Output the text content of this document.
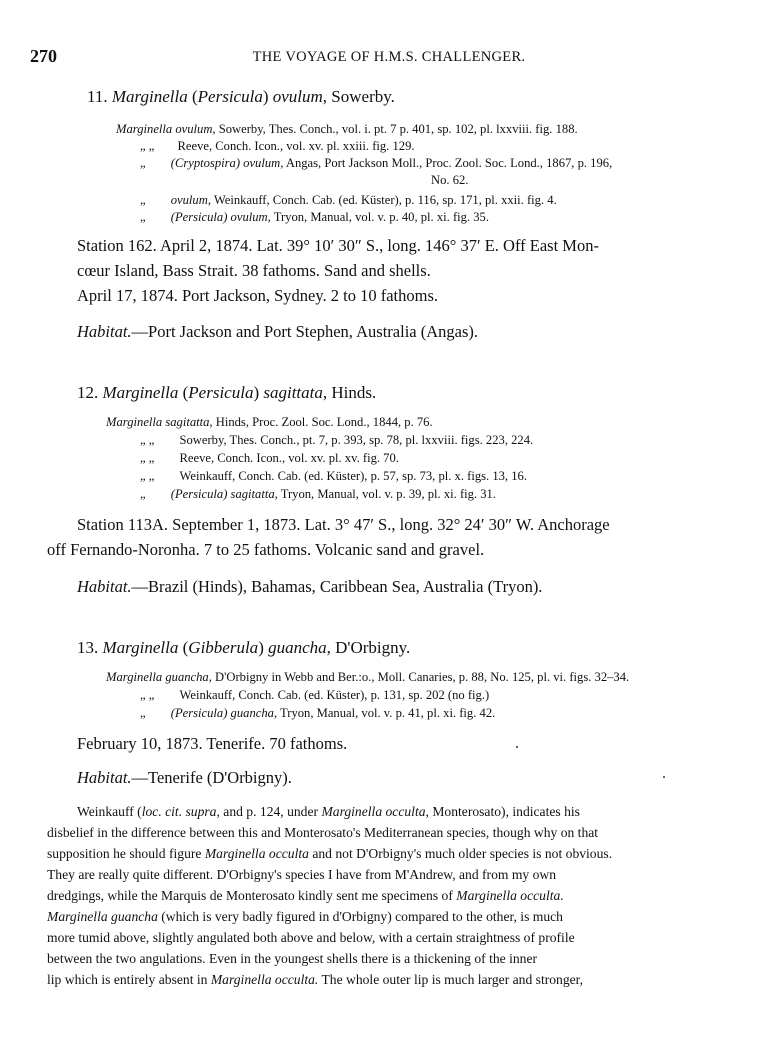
270	THE VOYAGE OF H.M.S. CHALLENGER.
11. Marginella (Persicula) ovulum, Sowerby.
Marginella ovulum, Sowerby, Thes. Conch., vol. i. pt. 7 p. 401, sp. 102, pl. lxxviii. fig. 188.
„ „ Reeve, Conch. Icon., vol. xv. pl. xxiii. fig. 129.
„ (Cryptospira) ovulum, Angas, Port Jackson Moll., Proc. Zool. Soc. Lond., 1867, p. 196,
No. 62.
„ ovulum, Weinkauff, Conch. Cab. (ed. Küster), p. 116, sp. 171, pl. xxii. fig. 4.
„ (Persicula) ovulum, Tryon, Manual, vol. v. p. 40, pl. xi. fig. 35.
Station 162. April 2, 1874. Lat. 39° 10′ 30″ S., long. 146° 37′ E. Off East Mon-
cœur Island, Bass Strait. 38 fathoms. Sand and shells.
April 17, 1874. Port Jackson, Sydney. 2 to 10 fathoms.
Habitat.—Port Jackson and Port Stephen, Australia (Angas).
12. Marginella (Persicula) sagittata, Hinds.
Marginella sagitatta, Hinds, Proc. Zool. Soc. Lond., 1844, p. 76.
„ „ Sowerby, Thes. Conch., pt. 7, p. 393, sp. 78, pl. lxxviii. figs. 223, 224.
„ „ Reeve, Conch. Icon., vol. xv. pl. xv. fig. 70.
„ „ Weinkauff, Conch. Cab. (ed. Küster), p. 57, sp. 73, pl. x. figs. 13, 16.
„ (Persicula) sagitatta, Tryon, Manual, vol. v. p. 39, pl. xi. fig. 31.
Station 113A. September 1, 1873. Lat. 3° 47′ S., long. 32° 24′ 30″ W. Anchorage
off Fernando-Noronha. 7 to 25 fathoms. Volcanic sand and gravel.
Habitat.—Brazil (Hinds), Bahamas, Caribbean Sea, Australia (Tryon).
13. Marginella (Gibberula) guancha, D'Orbigny.
Marginella guancha, D'Orbigny in Webb and Ber.:o., Moll. Canaries, p. 88, No. 125, pl. vi. figs. 32–34.
„ „ Weinkauff, Conch. Cab. (ed. Küster), p. 131, sp. 202 (no fig.)
„ (Persicula) guancha, Tryon, Manual, vol. v. p. 41, pl. xi. fig. 42.
February 10, 1873. Tenerife. 70 fathoms.
Habitat.—Tenerife (D'Orbigny).
Weinkauff (loc. cit. supra, and p. 124, under Marginella occulta, Monterosato), indicates his
disbelief in the difference between this and Monterosato's Mediterranean species, though why on that
supposition he should figure Marginella occulta and not D'Orbigny's much older species is not obvious.
They are really quite different. D'Orbigny's species I have from M'Andrew, and from my own
dredgings, while the Marquis de Monterosato kindly sent me specimens of Marginella occulta.
Marginella guancha (which is very badly figured in d'Orbigny) compared to the other, is much
more tumid above, slightly angulated both above and below, with a certain straightness of profile
between the two angulations. Even in the youngest shells there is a thickening of the inner
lip which is entirely absent in Marginella occulta. The whole outer lip is much larger and stronger,
